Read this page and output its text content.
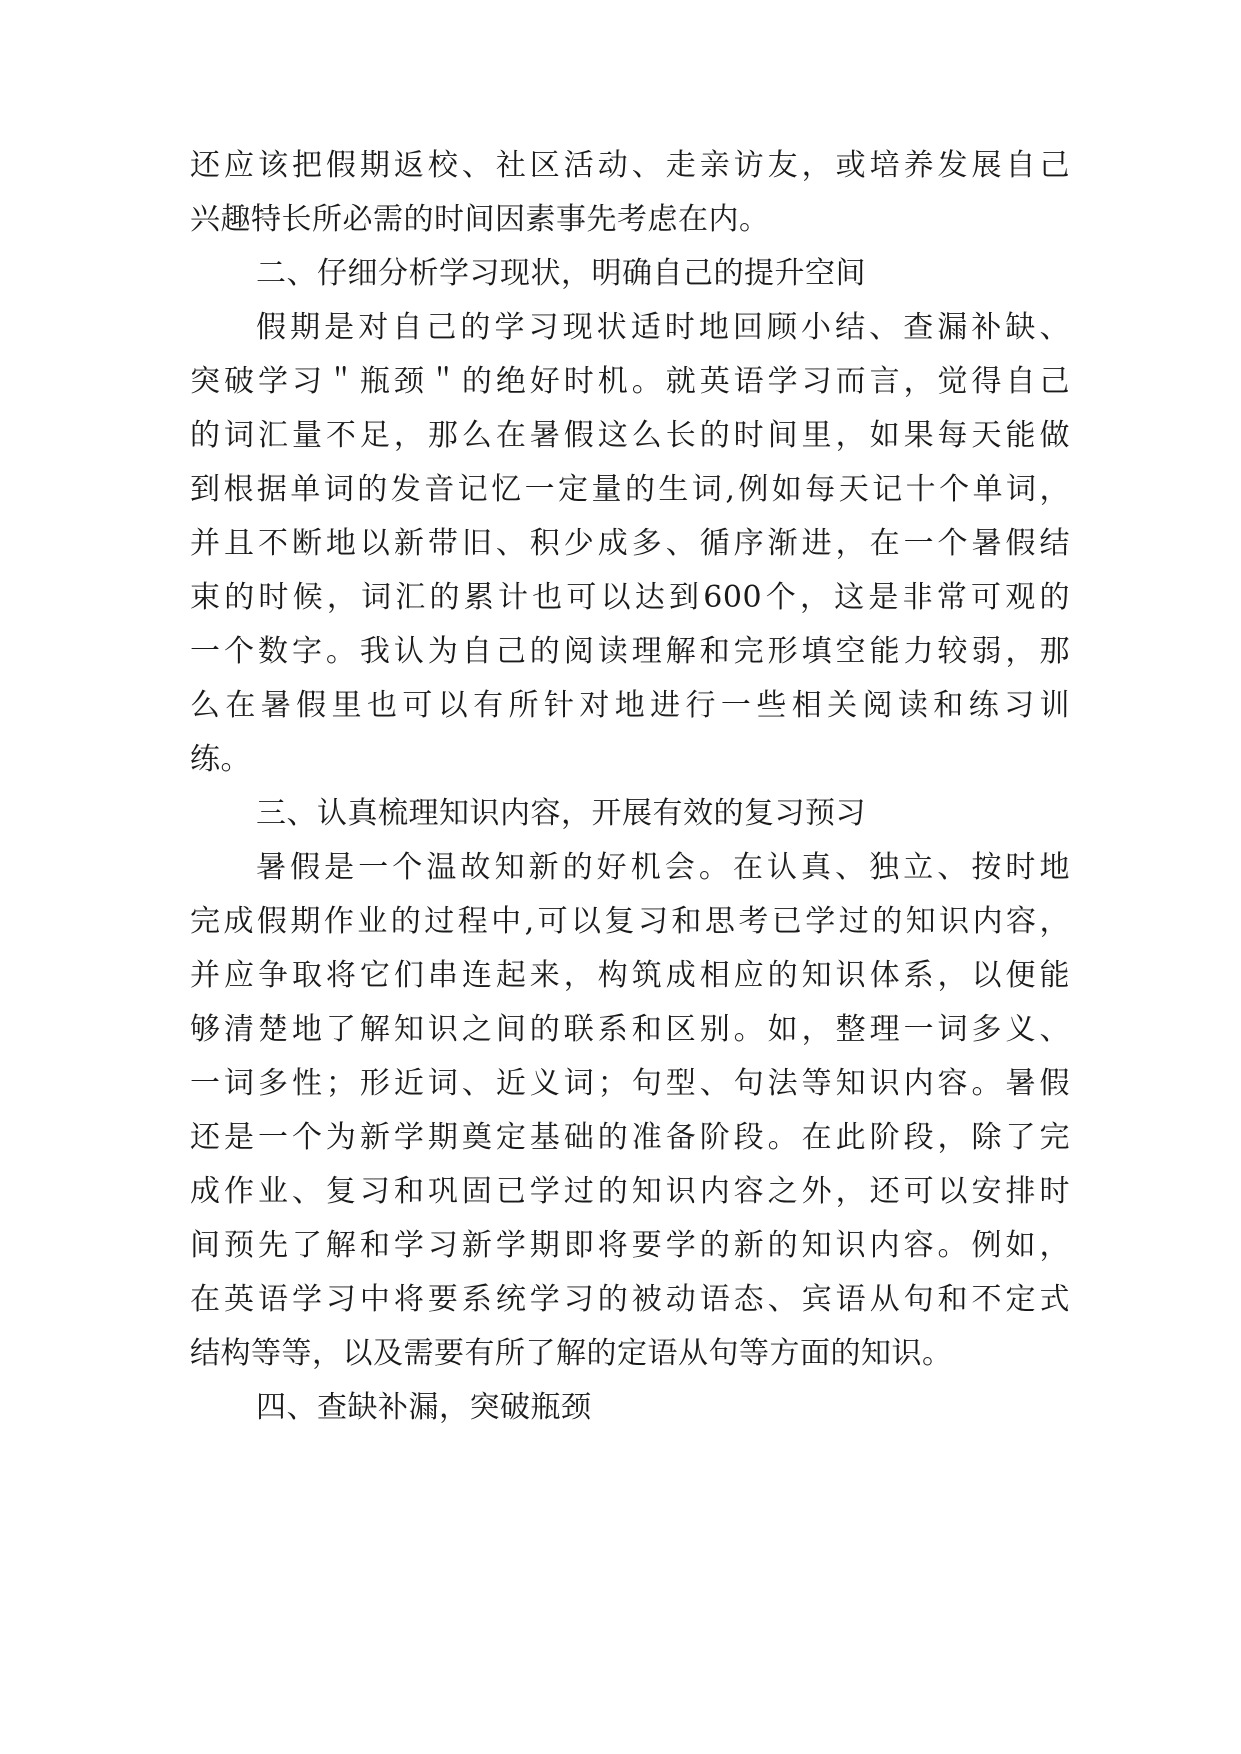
还应该把假期返校、社区活动、走亲访友，或培养发展自己
兴趣特长所必需的时间因素事先考虑在内。
二、仔细分析学习现状，明确自己的提升空间
假期是对自己的学习现状适时地回顾小结、查漏补缺、
突破学习＂瓶颈＂的绝好时机。就英语学习而言，觉得自己
的词汇量不足，那么在暑假这么长的时间里，如果每天能做
到根据单词的发音记忆一定量的生词,例如每天记十个单词，
并且不断地以新带旧、积少成多、循序渐进，在一个暑假结
束的时候，词汇的累计也可以达到600个，这是非常可观的
一个数字。我认为自己的阅读理解和完形填空能力较弱，那
么在暑假里也可以有所针对地进行一些相关阅读和练习训
练。
三、认真梳理知识内容，开展有效的复习预习
暑假是一个温故知新的好机会。在认真、独立、按时地
完成假期作业的过程中,可以复习和思考已学过的知识内容，
并应争取将它们串连起来，构筑成相应的知识体系，以便能
够清楚地了解知识之间的联系和区别。如，整理一词多义、
一词多性；形近词、近义词；句型、句法等知识内容。暑假
还是一个为新学期奠定基础的准备阶段。在此阶段，除了完
成作业、复习和巩固已学过的知识内容之外，还可以安排时
间预先了解和学习新学期即将要学的新的知识内容。例如，
在英语学习中将要系统学习的被动语态、宾语从句和不定式
结构等等，以及需要有所了解的定语从句等方面的知识。
四、查缺补漏，突破瓶颈
